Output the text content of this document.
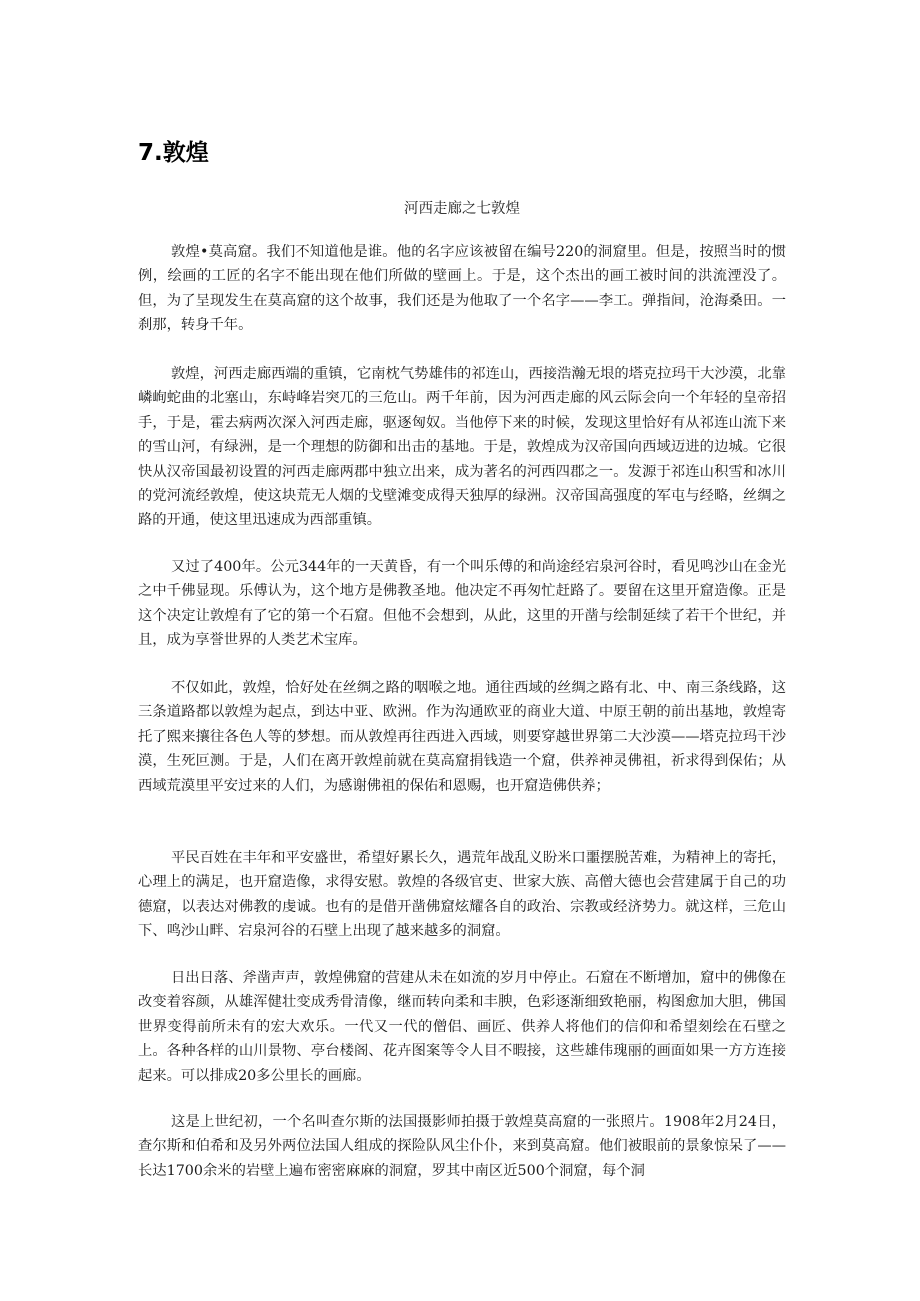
7.敦煌

河西走廊之七敦煌

敦煌•莫高窟。我们不知道他是谁。他的名字应该被留在编号220的洞窟里。但是，按照当时的惯例，绘画的工匠的名字不能出现在他们所做的壁画上。于是，这个杰出的画工被时间的洪流湮没了。但，为了呈现发生在莫高窟的这个故事，我们还是为他取了一个名字——李工。弹指间，沧海桑田。一刹那，转身千年。

敦煌，河西走廊西端的重镇，它南枕气势雄伟的祁连山，西接浩瀚无垠的塔克拉玛干大沙漠，北靠嶙峋蛇曲的北塞山，东峙峰岩突兀的三危山。两千年前，因为河西走廊的风云际会向一个年轻的皇帝招手，于是，霍去病两次深入河西走廊，驱逐匈奴。当他停下来的时候，发现这里恰好有从祁连山流下来的雪山河，有绿洲，是一个理想的防御和出击的基地。于是，敦煌成为汉帝国向西域迈进的边城。它很快从汉帝国最初设置的河西走廊两郡中独立出来，成为著名的河西四郡之一。发源于祁连山积雪和冰川的党河流经敦煌，使这块荒无人烟的戈壁滩变成得天独厚的绿洲。汉帝国高强度的军屯与经略，丝绸之路的开通，使这里迅速成为西部重镇。

又过了400年。公元344年的一天黄昏，有一个叫乐傅的和尚途经宕泉河谷时，看见鸣沙山在金光之中千佛显现。乐傅认为，这个地方是佛教圣地。他决定不再匆忙赶路了。要留在这里开窟造像。正是这个决定让敦煌有了它的第一个石窟。但他不会想到，从此，这里的开凿与绘制延续了若干个世纪，并且，成为享誉世界的人类艺术宝库。

不仅如此，敦煌，恰好处在丝绸之路的咽喉之地。通往西域的丝绸之路有北、中、南三条线路，这三条道路都以敦煌为起点，到达中亚、欧洲。作为沟通欧亚的商业大道、中原王朝的前出基地，敦煌寄托了熙来攘往各色人等的梦想。而从敦煌再往西进入西域，则要穿越世界第二大沙漠——塔克拉玛干沙漠，生死叵测。于是，人们在离开敦煌前就在莫高窟捐钱造一个窟，供养神灵佛祖，祈求得到保佑；从西域荒漠里平安过来的人们，为感谢佛祖的保佑和恩赐，也开窟造佛供养；

平民百姓在丰年和平安盛世，希望好累长久，遇荒年战乱义盼米口噩摆脱苦难，为精神上的寄托，心理上的满足，也开窟造像，求得安慰。敦煌的各级官吏、世家大族、高僧大德也会营建属于自己的功德窟，以表达对佛教的虔诚。也有的是借开凿佛窟炫耀各自的政治、宗教或经济势力。就这样，三危山下、鸣沙山畔、宕泉河谷的石壁上出现了越来越多的洞窟。

日出日落、斧凿声声，敦煌佛窟的营建从未在如流的岁月中停止。石窟在不断增加，窟中的佛像在改变着容颜，从雄浑健壮变成秀骨清像，继而转向柔和丰腴，色彩逐渐细致艳丽，构图愈加大胆，佛国世界变得前所未有的宏大欢乐。一代又一代的僧侣、画匠、供养人将他们的信仰和希望刻绘在石壁之上。各种各样的山川景物、亭台楼阁、花卉图案等令人目不暇接，这些雄伟瑰丽的画面如果一方方连接起来。可以排成20多公里长的画廊。

这是上世纪初，一个名叫查尔斯的法国摄影师拍摄于敦煌莫高窟的一张照片。1908年2月24日，查尔斯和伯希和及另外两位法国人组成的探险队风尘仆仆，来到莫高窟。他们被眼前的景象惊呆了——长达1700余米的岩壁上遍布密密麻麻的洞窟，罗其中南区近500个洞窟，每个洞
